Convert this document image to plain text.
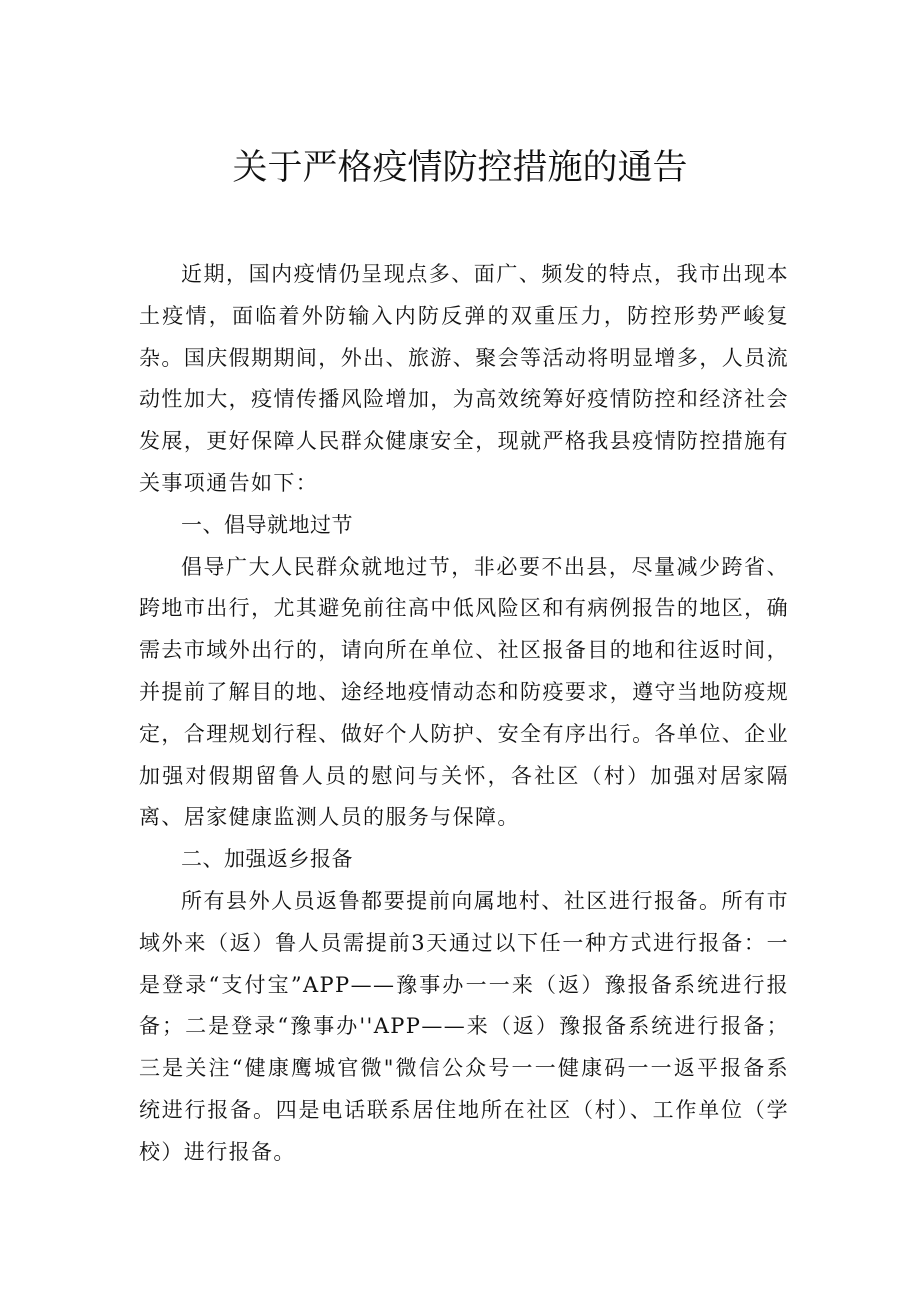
关于严格疫情防控措施的通告

近期，国内疫情仍呈现点多、面广、频发的特点，我市出现本土疫情，面临着外防输入内防反弹的双重压力，防控形势严峻复杂。国庆假期期间，外出、旅游、聚会等活动将明显增多，人员流动性加大，疫情传播风险增加，为高效统筹好疫情防控和经济社会发展，更好保障人民群众健康安全，现就严格我县疫情防控措施有关事项通告如下：

一、倡导就地过节

倡导广大人民群众就地过节，非必要不出县，尽量减少跨省、跨地市出行，尤其避免前往高中低风险区和有病例报告的地区，确需去市域外出行的，请向所在单位、社区报备目的地和往返时间，并提前了解目的地、途经地疫情动态和防疫要求，遵守当地防疫规定，合理规划行程、做好个人防护、安全有序出行。各单位、企业加强对假期留鲁人员的慰问与关怀，各社区（村）加强对居家隔离、居家健康监测人员的服务与保障。

二、加强返乡报备

所有县外人员返鲁都要提前向属地村、社区进行报备。所有市域外来（返）鲁人员需提前3天通过以下任一种方式进行报备：一是登录“支付宝”APP——豫事办一一来（返）豫报备系统进行报备；二是登录“豫事办''APP——来（返）豫报备系统进行报备；三是关注“健康鹰城官微"微信公众号一一健康码一一返平报备系统进行报备。四是电话联系居住地所在社区（村）、工作单位（学校）进行报备。
